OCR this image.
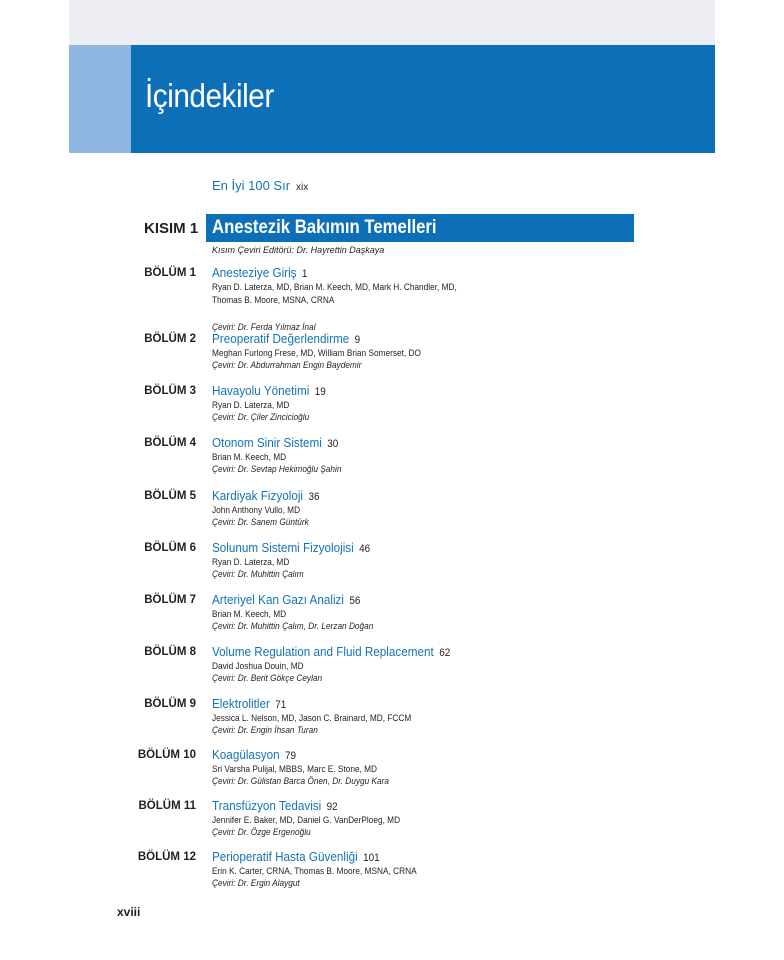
İçindekiler
En İyi 100 Sır xix
KISIM 1 Anestezik Bakımın Temelleri
Kısım Çeviri Editörü: Dr. Hayrettin Daşkaya
BÖLÜM 1 Anesteziye Giriş 1
Ryan D. Laterza, MD, Brian M. Keech, MD, Mark H. Chandler, MD, Thomas B. Moore, MSNA, CRNA
Çeviri: Dr. Ferda Yılmaz İnal
BÖLÜM 2 Preoperatif Değerlendirme 9
Meghan Furlong Frese, MD, William Brian Somerset, DO
Çeviri: Dr. Abdurrahman Engin Baydemir
BÖLÜM 3 Havayolu Yönetimi 19
Ryan D. Laterza, MD
Çeviri: Dr. Çiler Zincicioğlu
BÖLÜM 4 Otonom Sinir Sistemi 30
Brian M. Keech, MD
Çeviri: Dr. Sevtap Hekimoğlu Şahin
BÖLÜM 5 Kardiyak Fizyoloji 36
John Anthony Vullo, MD
Çeviri: Dr. Sanem Güntürk
BÖLÜM 6 Solunum Sistemi Fizyolojisi 46
Ryan D. Laterza, MD
Çeviri: Dr. Muhittin Çalım
BÖLÜM 7 Arteriyel Kan Gazı Analizi 56
Brian M. Keech, MD
Çeviri: Dr. Muhittin Çalım, Dr. Lerzan Doğan
BÖLÜM 8 Volume Regulation and Fluid Replacement 62
David Joshua Douin, MD
Çeviri: Dr. Berit Gökçe Ceylan
BÖLÜM 9 Elektrolitler 71
Jessica L. Nelson, MD, Jason C. Brainard, MD, FCCM
Çeviri: Dr. Engin İhsan Turan
BÖLÜM 10 Koagülasyon 79
Sri Varsha Pulijal, MBBS, Marc E. Stone, MD
Çeviri: Dr. Gülistan Barca Önen, Dr. Duygu Kara
BÖLÜM 11 Transfüzyon Tedavisi 92
Jennifer E. Baker, MD, Daniel G. VanDerPloeg, MD
Çeviri: Dr. Özge Ergenoğlu
BÖLÜM 12 Perioperatif Hasta Güvenliği 101
Erin K. Carter, CRNA, Thomas B. Moore, MSNA, CRNA
Çeviri: Dr. Ergin Alaygut
xviii
